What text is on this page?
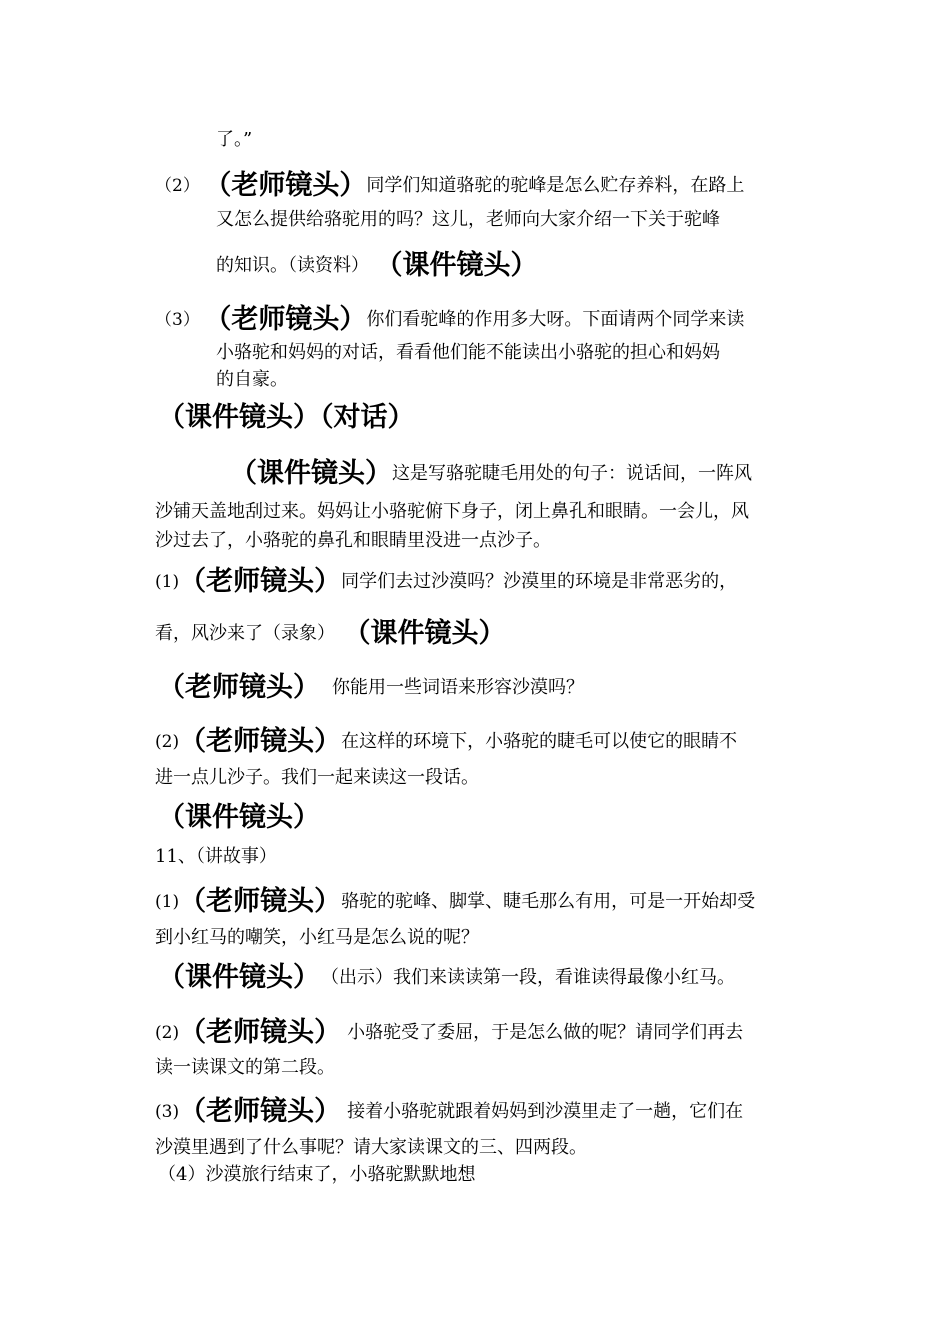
了。”
（2） （老师镜头）同学们知道骆驼的驼峰是怎么贮存养料，在路上
又怎么提供给骆驼用的吗？这儿，老师向大家介绍一下关于驼峰
的知识。（读资料） （课件镜头）
（3） （老师镜头）你们看驼峰的作用多大呀。下面请两个同学来读
小骆驼和妈妈的对话，看看他们能不能读出小骆驼的担心和妈妈
的自豪。
（课件镜头）（对话）
（课件镜头）这是写骆驼睫毛用处的句子：说话间，一阵风
沙铺天盖地刮过来。妈妈让小骆驼俯下身子，闭上鼻孔和眼睛。一会儿，风
沙过去了，小骆驼的鼻孔和眼睛里没进一点沙子。
(1)（老师镜头）同学们去过沙漠吗？沙漠里的环境是非常恶劣的，
看，风沙来了（录象） （课件镜头）
（老师镜头） 你能用一些词语来形容沙漠吗？
(2)（老师镜头）在这样的环境下，小骆驼的睫毛可以使它的眼睛不
进一点儿沙子。我们一起来读这一段话。
（课件镜头）
11、（讲故事）
(1)（老师镜头）骆驼的驼峰、脚掌、睫毛那么有用，可是一开始却受
到小红马的嘲笑，小红马是怎么说的呢？
（课件镜头） （出示）我们来读读第一段，看谁读得最像小红马。
(2)（老师镜头） 小骆驼受了委屈，于是怎么做的呢？请同学们再去
读一读课文的第二段。
(3)（老师镜头） 接着小骆驼就跟着妈妈到沙漠里走了一趟，它们在
沙漠里遇到了什么事呢？请大家读课文的三、四两段。
（4）沙漠旅行结束了，小骆驼默默地想
